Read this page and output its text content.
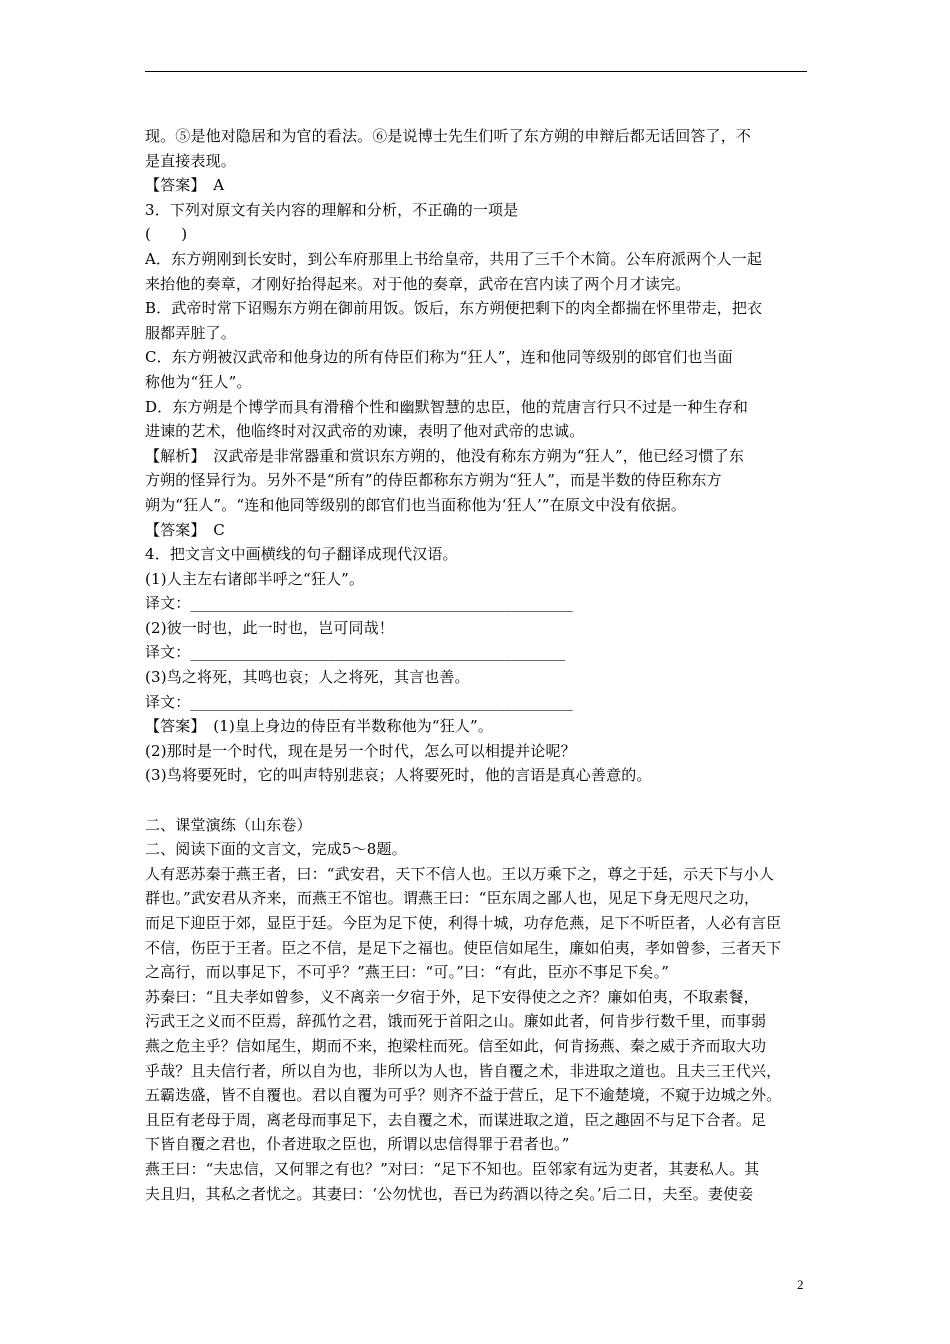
现。⑤是他对隐居和为官的看法。⑥是说博士先生们听了东方朔的申辩后都无话回答了，不
是直接表现。
【答案】　A
3．下列对原文有关内容的理解和分析，不正确的一项是
(　　)
A．东方朔刚到长安时，到公车府那里上书给皇帝，共用了三千个木简。公车府派两个人一起
来抬他的奏章，才刚好抬得起来。对于他的奏章，武帝在宫内读了两个月才读完。
B．武帝时常下诏赐东方朔在御前用饭。饭后，东方朔便把剩下的肉全都揣在怀里带走，把衣
服都弄脏了。
C．东方朔被汉武帝和他身边的所有侍臣们称为“狂人”，连和他同等级别的郎官们也当面
称他为“狂人”。
D．东方朔是个博学而具有滑稽个性和幽默智慧的忠臣，他的荒唐言行只不过是一种生存和
进谏的艺术，他临终时对汉武帝的劝谏，表明了他对武帝的忠诚。
【解析】　汉武帝是非常器重和赏识东方朔的，他没有称东方朔为“狂人”，他已经习惯了东
方朔的怪异行为。另外不是“所有”的侍臣都称东方朔为“狂人”，而是半数的侍臣称东方
朔为“狂人”。“连和他同等级别的郎官们也当面称他为‘狂人’”在原文中没有依据。
【答案】　C
4．把文言文中画横线的句子翻译成现代汉语。
(1)人主左右诸郎半呼之“狂人”。
译文：__________________________________________________
(2)彼一时也，此一时也，岂可同哉！
译文：_________________________________________________
(3)鸟之将死，其鸣也哀；人之将死，其言也善。
译文：__________________________________________________
【答案】　(1)皇上身边的侍臣有半数称他为“狂人”。
(2)那时是一个时代，现在是另一个时代，怎么可以相提并论呢？
(3)鸟将要死时，它的叫声特别悲哀；人将要死时，他的言语是真心善意的。
二、课堂演练（山东卷）
二、阅读下面的文言文，完成5～8题。
人有恶苏秦于燕王者，曰：“武安君，天下不信人也。王以万乘下之，尊之于廷，示天下与小人
群也。”武安君从齐来，而燕王不馆也。谓燕王曰：“臣东周之鄙人也，见足下身无咫尺之功，
而足下迎臣于郊，显臣于廷。今臣为足下使，利得十城，功存危燕，足下不听臣者，人必有言臣
不信，伤臣于王者。臣之不信，是足下之福也。使臣信如尾生，廉如伯夷，孝如曾参，三者天下
之高行，而以事足下，不可乎？”燕王曰：“可。”曰：“有此，臣亦不事足下矣。”
苏秦曰：“且夫孝如曾参，义不离亲一夕宿于外，足下安得使之之齐？廉如伯夷，不取素餐，
污武王之义而不臣焉，辞孤竹之君，饿而死于首阳之山。廉如此者，何肯步行数千里，而事弱
燕之危主乎？信如尾生，期而不来，抱梁柱而死。信至如此，何肯扬燕、秦之威于齐而取大功
乎哉？且夫信行者，所以自为也，非所以为人也，皆自覆之术，非进取之道也。且夫三王代兴，
五霸迭盛，皆不自覆也。君以自覆为可乎？则齐不益于营丘，足下不逾楚境，不窥于边城之外。
且臣有老母于周，离老母而事足下，去自覆之术，而谋进取之道，臣之趣固不与足下合者。足
下皆自覆之君也，仆者进取之臣也，所谓以忠信得罪于君者也。”
燕王曰：“夫忠信，又何罪之有也？”对曰：“足下不知也。臣邻家有远为吏者，其妻私人。其
夫且归，其私之者忧之。其妻曰：‘公勿忧也，吾已为药酒以待之矣。’后二日，夫至。妻使妾
2
